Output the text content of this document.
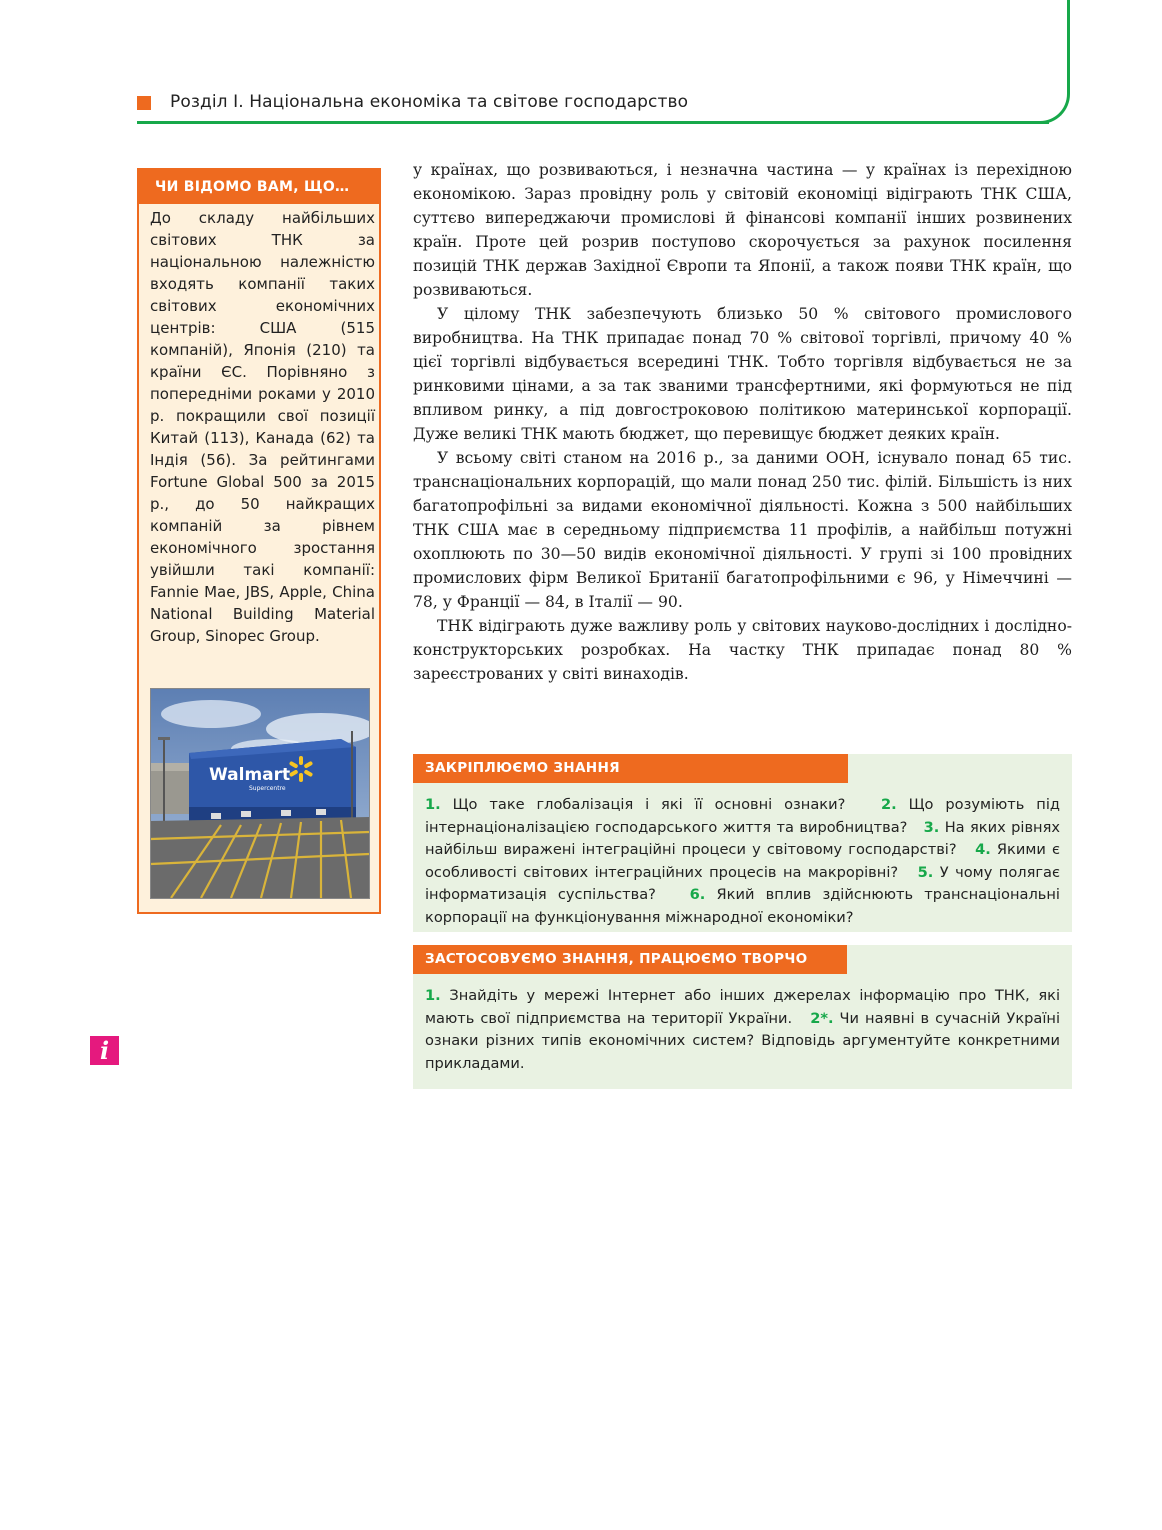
Розділ І. Національна економіка та світове господарство
ЧИ ВІДОМО ВАМ, ЩО…

До складу найбільших світових ТНК за національною належністю входять компанії таких світових економічних центрів: США (515 компаній), Японія (210) та країни ЄС. Порівняно з попередніми роками у 2010 р. покращили свої позиції Китай (113), Канада (62) та Індія (56). За рейтингами Fortune Global 500 за 2015 р., до 50 найкращих компаній за рівнем економічного зростання увійшли такі компанії: Fannie Mae, JBS, Apple, China National Building Material Group, Sinopec Group.

Walmart
Supercentre

у країнах, що розвиваються, і незначна частина — у країнах із перехідною економікою. Зараз провідну роль у світовій економіці відіграють ТНК США, суттєво випереджаючи промислові й фінансові компанії інших розвинених країн. Проте цей розрив поступово скорочується за рахунок посилення позицій ТНК держав Західної Європи та Японії, а також появи ТНК країн, що розвиваються.

У цілому ТНК забезпечують близько 50 % світового промислового виробництва. На ТНК припадає понад 70 % світової торгівлі, причому 40 % цієї торгівлі відбувається всередині ТНК. Тобто торгівля відбувається не за ринковими цінами, а за так званими трансфертними, які формуються не під впливом ринку, а під довгостроковою політикою материнської корпорації. Дуже великі ТНК мають бюджет, що перевищує бюджет деяких країн.

У всьому світі станом на 2016 р., за даними ООН, існувало понад 65 тис. транснаціональних корпорацій, що мали понад 250 тис. філій. Більшість із них багатопрофільні за видами економічної діяльності. Кожна з 500 найбільших ТНК США має в середньому підприємства 11 профілів, а найбільш потужні охоплюють по 30—50 видів економічної діяльності. У групі зі 100 провідних промислових фірм Великої Британії багатопрофільними є 96, у Німеччині — 78, у Франції — 84, в Італії — 90.

ТНК відіграють дуже важливу роль у світових науково-дослідних і дослідно-конструкторських розробках. На частку ТНК припадає понад 80 % зареєстрованих у світі винаходів.

ЗАКРІПЛЮЄМО ЗНАННЯ

1. Що таке глобалізація і які її основні ознаки? 2. Що розуміють під інтернаціоналізацією господарського життя та виробництва? 3. На яких рівнях найбільш виражені інтеграційні процеси у світовому господарстві? 4. Якими є особливості світових інтеграційних процесів на макрорівні? 5. У чому полягає інформатизація суспільства? 6. Який вплив здійснюють транснаціональні корпорації на функціонування міжнародної економіки?

ЗАСТОСОВУЄМО ЗНАННЯ, ПРАЦЮЄМО ТВОРЧО

1. Знайдіть у мережі Інтернет або інших джерелах інформацію про ТНК, які мають свої підприємства на території України. 2*. Чи наявні в сучасній Україні ознаки різних типів економічних систем? Відповідь аргументуйте конкретними прикладами.

i
